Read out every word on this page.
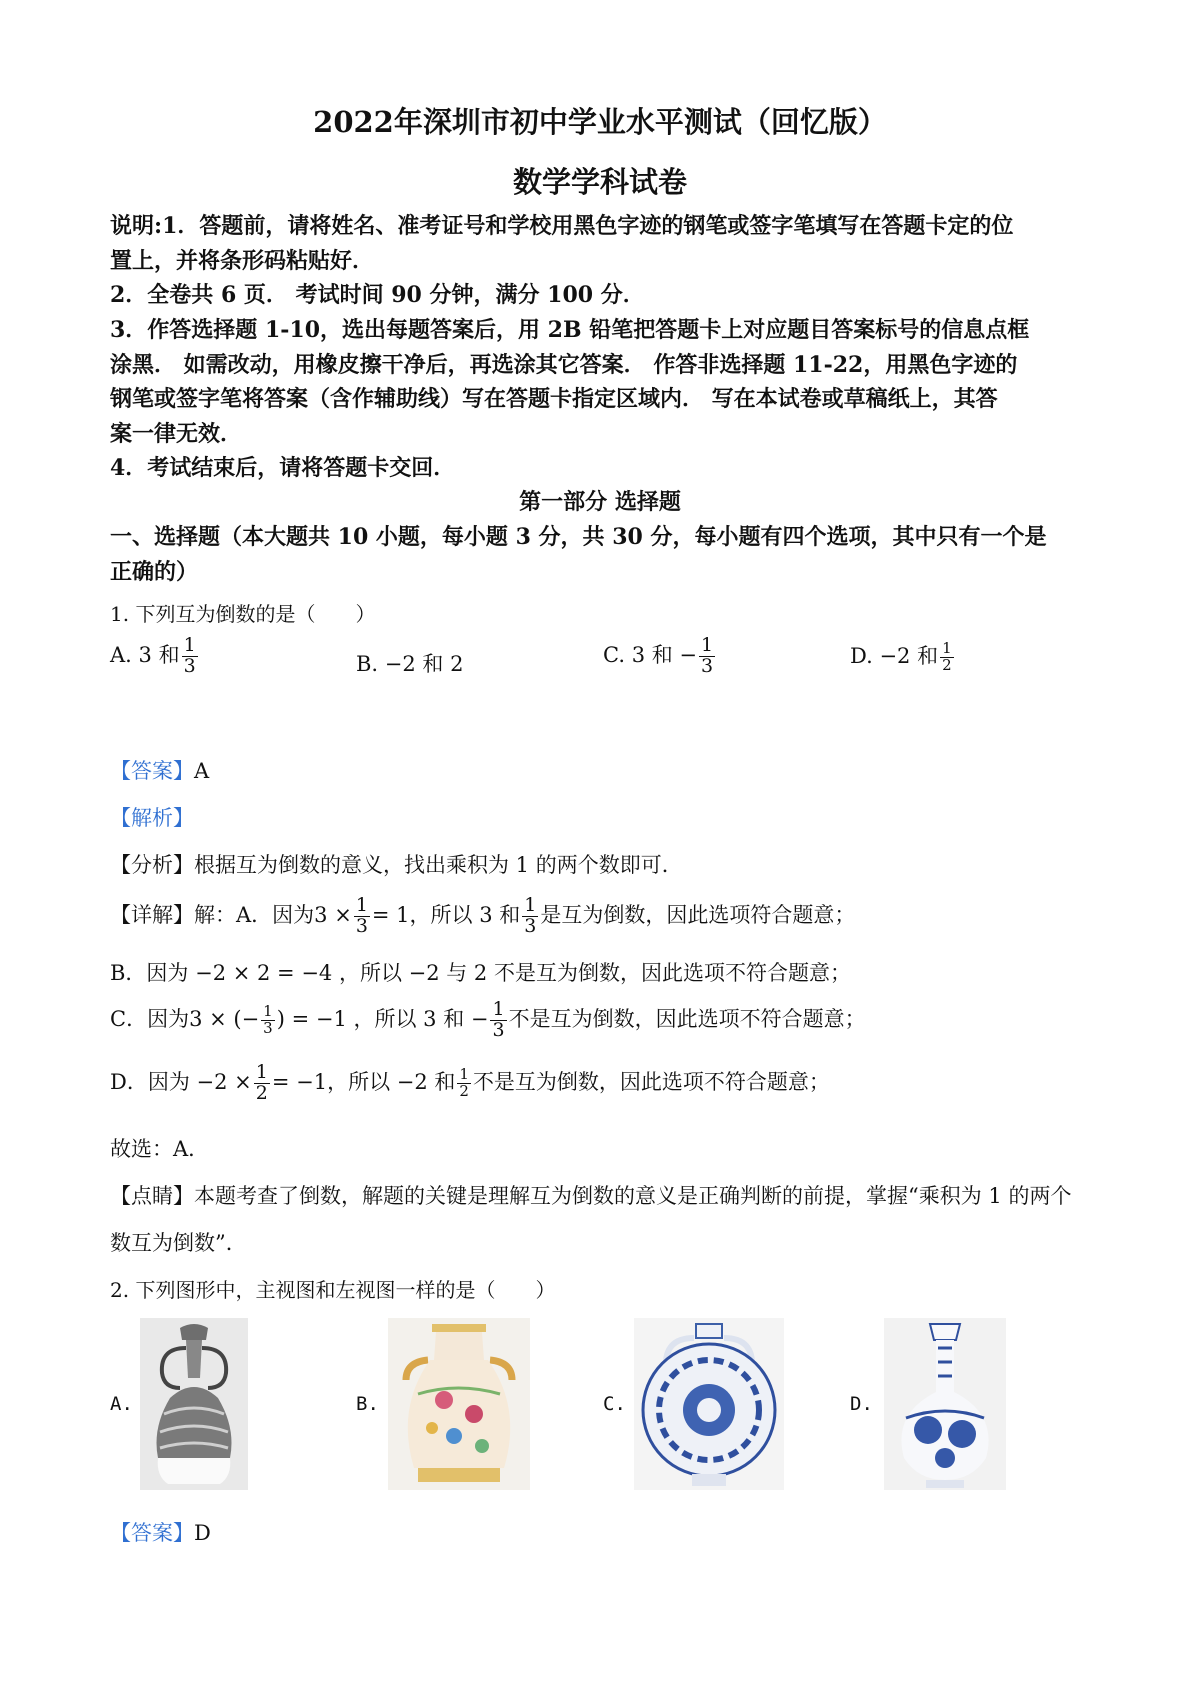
2022年深圳市初中学业水平测试（回忆版）
数学学科试卷
说明:1．答题前，请将姓名、准考证号和学校用黑色字迹的钢笔或签字笔填写在答题卡定的位
置上，并将条形码粘贴好．
2．全卷共 6 页． 考试时间 90 分钟，满分 100 分．
3．作答选择题 1-10，选出每题答案后，用 2B 铅笔把答题卡上对应题目答案标号的信息点框
涂黑． 如需改动，用橡皮擦干净后，再选涂其它答案． 作答非选择题 11-22，用黑色字迹的
钢笔或签字笔将答案（含作辅助线）写在答题卡指定区域内． 写在本试卷或草稿纸上，其答
案一律无效．
4．考试结束后，请将答题卡交回．
第一部分 选择题
一、选择题（本大题共 10 小题，每小题 3 分，共 30 分，每小题有四个选项，其中只有一个是
正确的）
1. 下列互为倒数的是（　　）
A. 3 和 $\frac{1}{3}$	B. −2 和 2	C. 3 和 − $\frac{1}{3}$	D. −2 和 $\frac{1}{2}$
【答案】A
【解析】
【分析】根据互为倒数的意义，找出乘积为 1 的两个数即可．
【详解】解：A．因为$3 \times \frac{1}{3} = 1$，所以 3 和 $\frac{1}{3}$ 是互为倒数，因此选项符合题意；
B．因为 −2 × 2 = −4 ，所以 −2 与 2 不是互为倒数，因此选项不符合题意；
C．因为3 × (− $\frac{1}{3}$ ) = −1 ，所以 3 和 − $\frac{1}{3}$ 不是互为倒数，因此选项不符合题意；
D．因为 $-2 \times \frac{1}{2} = -1$，所以 −2 和 $\frac{1}{2}$ 不是互为倒数，因此选项不符合题意；
故选：A．
【点睛】本题考查了倒数，解题的关键是理解互为倒数的意义是正确判断的前提，掌握“乘积为 1 的两个
数互为倒数”．
2. 下列图形中，主视图和左视图一样的是（　　）
A.	B.	C.	D.
【答案】D
